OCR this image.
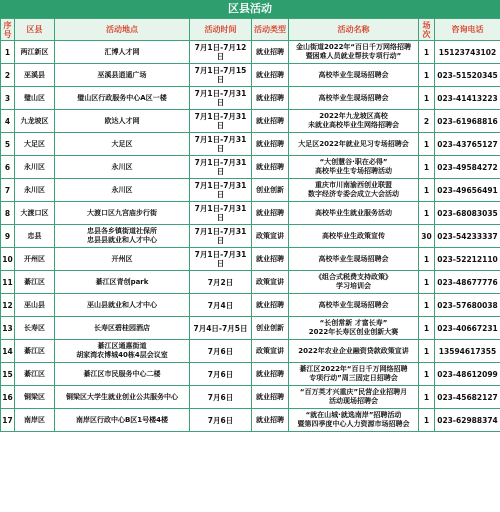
区县活动
序号	区县	活动地点	活动时间	活动类型	活动名称	场次	咨询电话
1	两江新区	汇博人才网	7月1日-7月12日	就业招聘	金山街道2022年“百日千万网络招聘
暨困难人员就业帮扶专项行动”	1	15123743102
2	巫溪县	巫溪县逍遥广场	7月1日-7月15日	就业招聘	高校毕业生现场招聘会	1	023-51520345
3	璧山区	璧山区行政服务中心A区一楼	7月1日-7月31日	就业招聘	高校毕业生现场招聘会	1	023-41413223
4	九龙坡区	欧达人才网	7月1日-7月31日	就业招聘	2022年九龙坡区高校
未就业高校毕业生网络招聘会	2	023-61968816
5	大足区	大足区	7月1日-7月31日	就业招聘	大足区2022年就业见习专场招聘会	1	023-43765127
6	永川区	永川区	7月1日-7月31日	就业招聘	“大创慧谷·职在必得”
高校毕业生专场招聘活动	1	023-49584272
7	永川区	永川区	7月1日-7月31日	创业创新	重庆市川南渝西创业联盟
数字经济专委会成立大会活动	1	023-49656491
8	大渡口区	大渡口区九宫庙步行街	7月1日-7月31日	就业招聘	高校毕业生就业服务活动	1	023-68083035
9	忠县	忠县各乡镇街道社保所
忠县县就业和人才中心	7月1日-7月31日	政策宣讲	高校毕业生政策宣传	30	023-54233337
10	开州区	开州区	7月1日-7月31日	就业招聘	高校毕业生现场招聘会	1	023-52212110
11	綦江区	綦江区青创park	7月2日	政策宣讲	《组合式税费支持政策》
学习培训会	1	023-48677776
12	巫山县	巫山县就业和人才中心	7月4日	就业招聘	高校毕业生现场招聘会	1	023-57680038
13	长寿区	长寿区碧桂园酒店	7月4日-7月5日	创业创新	“长创常新 才富长寿”
2022年长寿区创业创新大赛	1	023-40667231
14	綦江区	綦江区通惠街道
胡家湾农博城40栋4层会议室	7月6日	政策宣讲	2022年农业企业融资贷款政策宣讲	1	13594617355
15	綦江区	綦江区市民服务中心二楼	7月6日	就业招聘	綦江区2022年“百日千万网络招聘
专项行动”周三固定日招聘会	1	023-48612099
16	铜梁区	铜梁区大学生就业创业公共服务中心	7月6日	就业招聘	“百万英才兴重庆”民营企业招聘月
活动现场招聘会	1	023-45682127
17	南岸区	南岸区行政中心B区1号楼4楼	7月6日	就业招聘	“就在山城·就选南岸”招聘活动
暨第四季度中心人力资源市场招聘会	1	023-62988374
